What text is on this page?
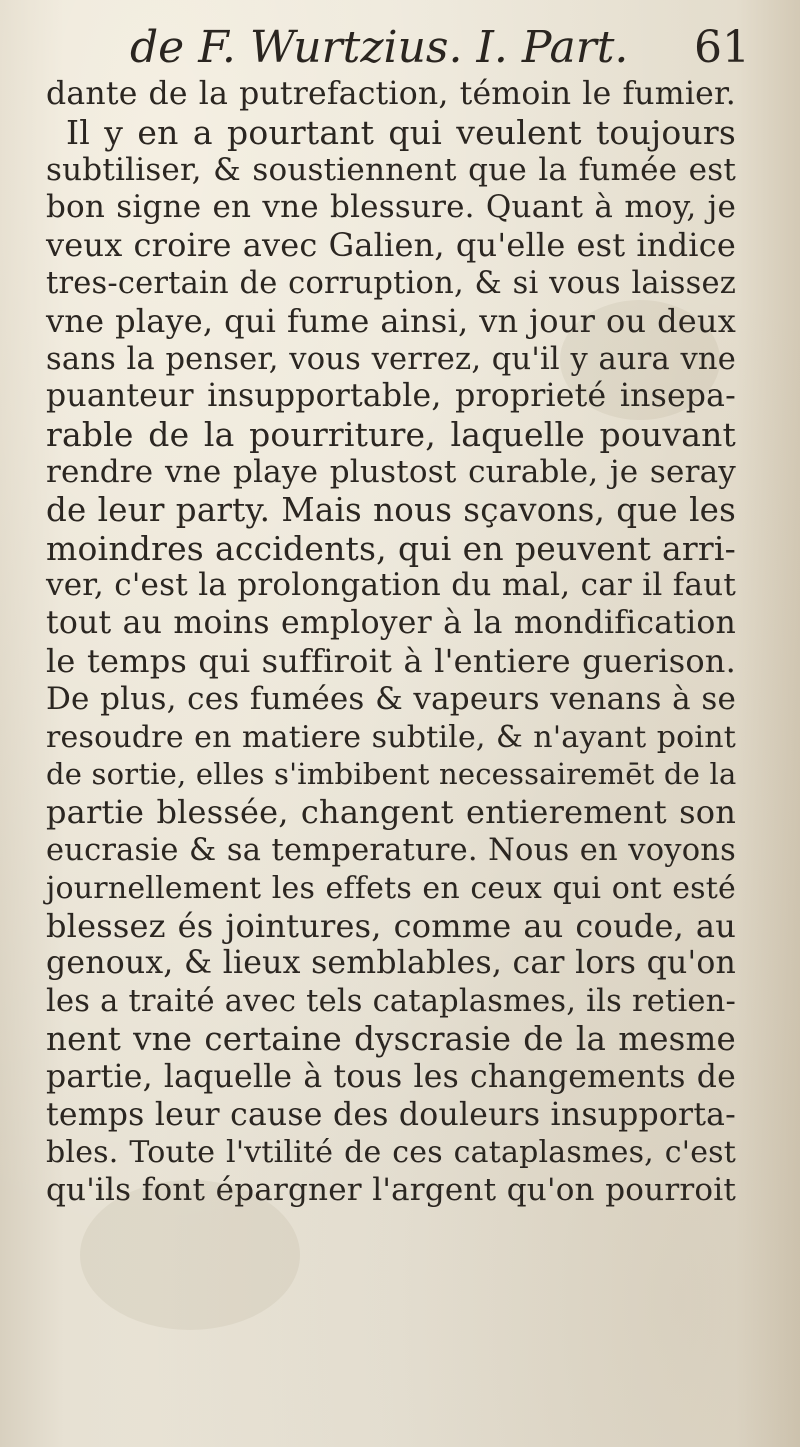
de F. Wurtzius. I. Part. 61
dante de la putrefaction, témoin le fumier.
Il y en a pourtant qui veulent toujours
subtiliser, & soustiennent que la fumée est
bon signe en vne blessure. Quant à moy, je
veux croire avec Galien, qu'elle est indice
tres-certain de corruption, & si vous laissez
vne playe, qui fume ainsi, vn jour ou deux
sans la penser, vous verrez, qu'il y aura vne
puanteur insupportable, proprieté insepa-
rable de la pourriture, laquelle pouvant
rendre vne playe plustost curable, je seray
de leur party. Mais nous sçavons, que les
moindres accidents, qui en peuvent arri-
ver, c'est la prolongation du mal, car il faut
tout au moins employer à la mondification
le temps qui suffiroit à l'entiere guerison.
De plus, ces fumées & vapeurs venans à se
resoudre en matiere subtile, & n'ayant point
de sortie, elles s'imbibent necessairemēt de la
partie blessée, changent entierement son
eucrasie & sa temperature. Nous en voyons
journellement les effets en ceux qui ont esté
blessez és jointures, comme au coude, au
genoux, & lieux semblables, car lors qu'on
les a traité avec tels cataplasmes, ils retien-
nent vne certaine dyscrasie de la mesme
partie, laquelle à tous les changements de
temps leur cause des douleurs insupporta-
bles. Toute l'vtilité de ces cataplasmes, c'est
qu'ils font épargner l'argent qu'on pourroit
